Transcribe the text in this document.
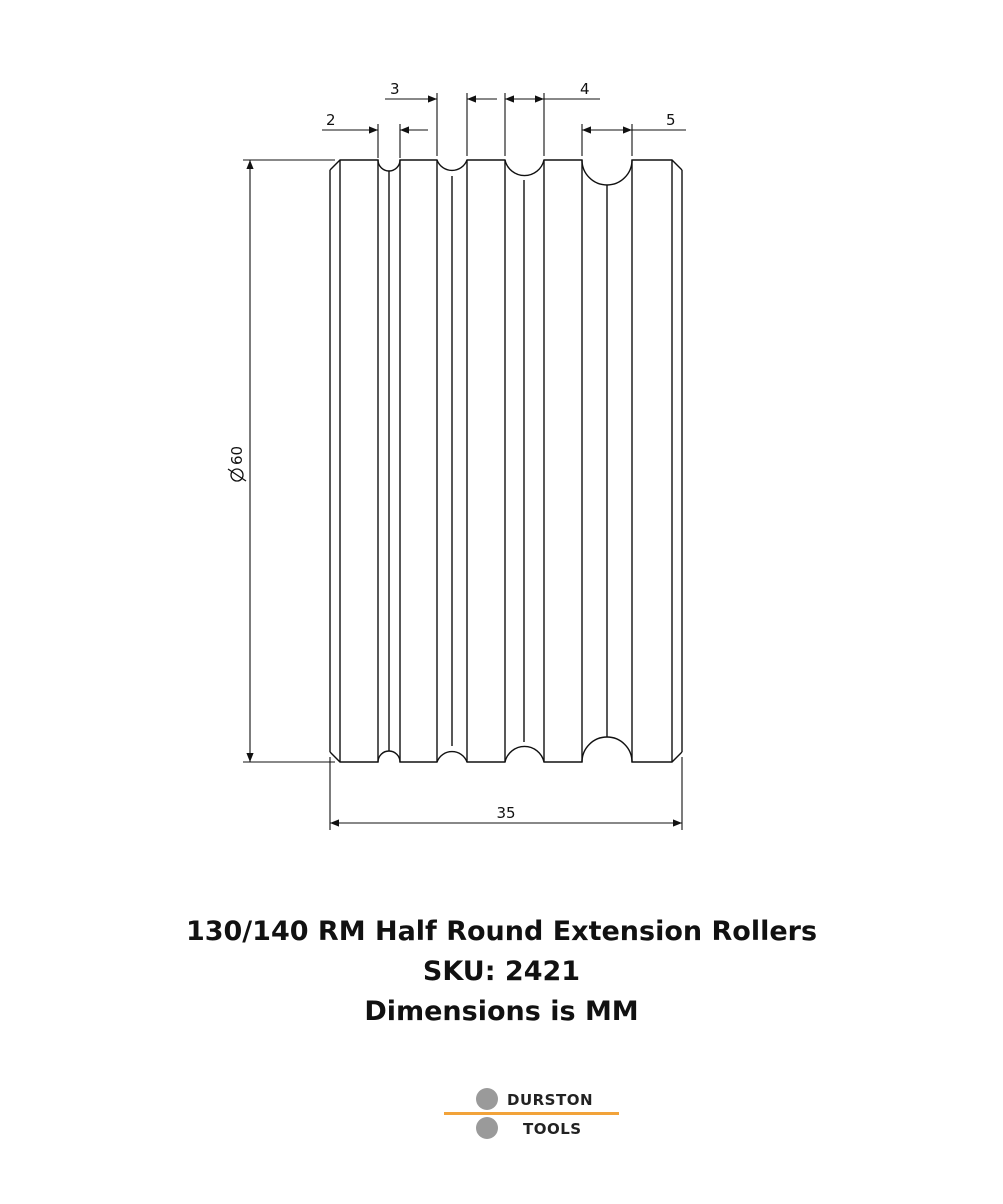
2
3	4
5
60
35
130/140 RM Half Round Extension Rollers
SKU: 2421
Dimensions is MM
DURSTON
TOOLS
